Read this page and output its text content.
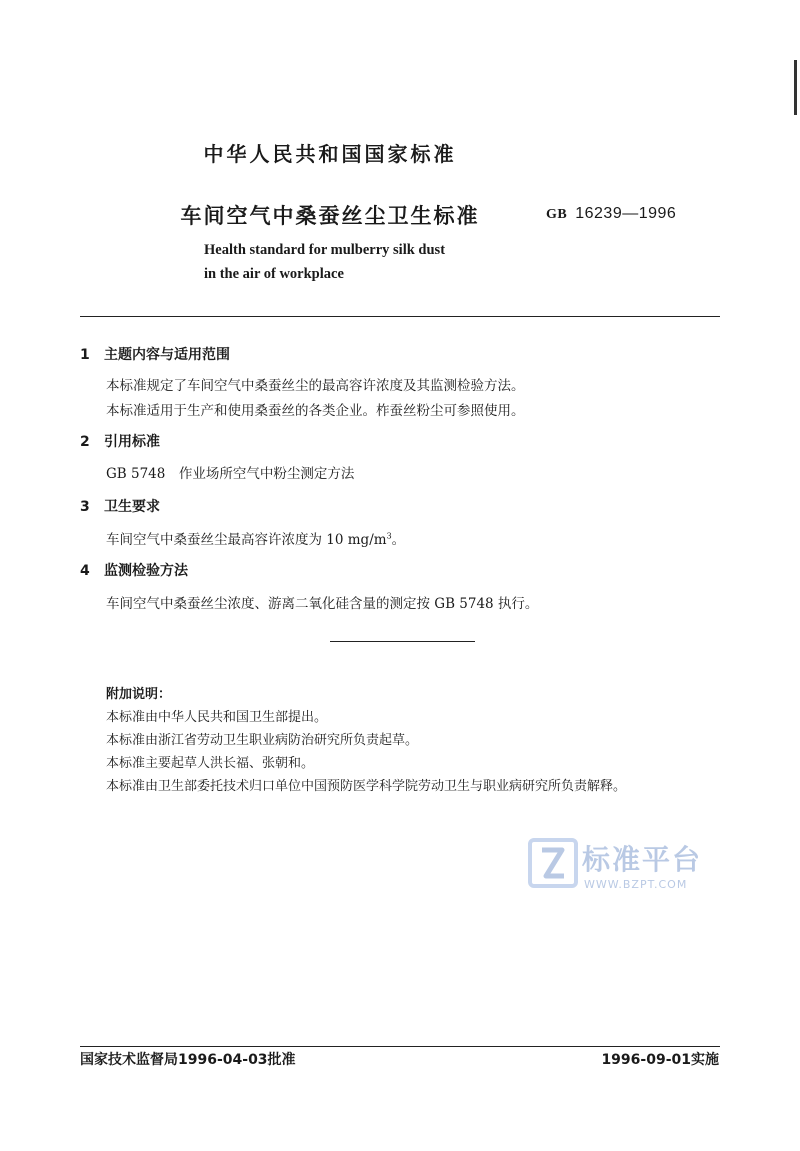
中华人民共和国国家标准
车间空气中桑蚕丝尘卫生标准	GB 16239—1996
Health standard for mulberry silk dust
in the air of workplace
1 主题内容与适用范围
本标准规定了车间空气中桑蚕丝尘的最高容许浓度及其监测检验方法。
本标准适用于生产和使用桑蚕丝的各类企业。柞蚕丝粉尘可参照使用。
2 引用标准
GB 5748　作业场所空气中粉尘测定方法
3 卫生要求
车间空气中桑蚕丝尘最高容许浓度为 10 $mg/m^3$。
4 监测检验方法
车间空气中桑蚕丝尘浓度、游离二氧化硅含量的测定按 GB 5748 执行。
附加说明：
本标准由中华人民共和国卫生部提出。
本标准由浙江省劳动卫生职业病防治研究所负责起草。
本标准主要起草人洪长福、张朝和。
本标准由卫生部委托技术归口单位中国预防医学科学院劳动卫生与职业病研究所负责解释。
标准平台
WWW.BZPT.COM
国家技术监督局1996-04-03批准	1996-09-01实施
